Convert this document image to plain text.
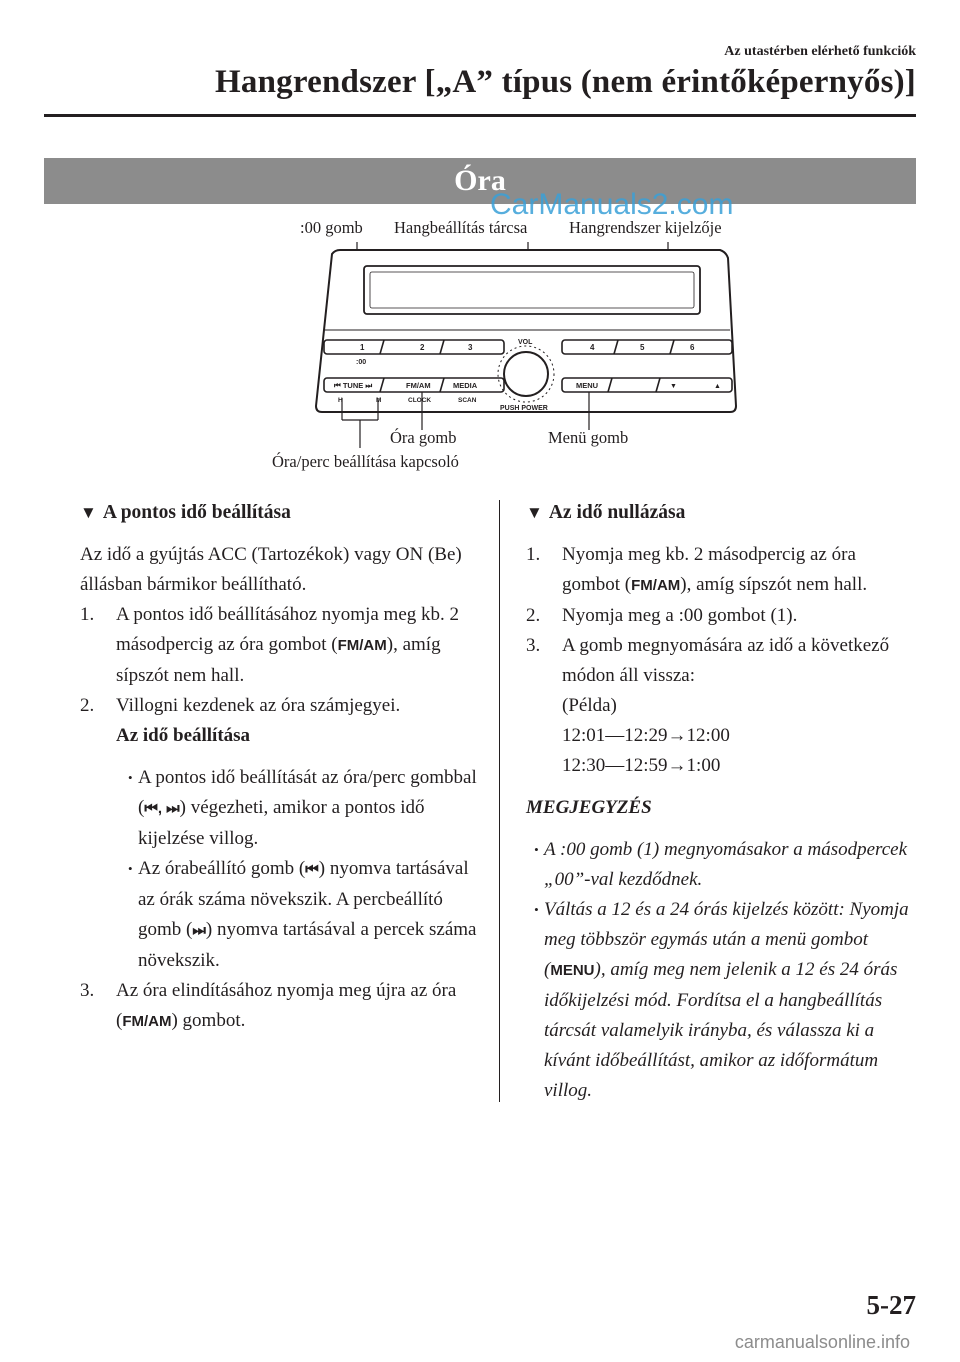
Az utastérben elérhető funkciók
Hangrendszer [„A” típus (nem érintőképernyős)]
Óra
CarManuals2.com
:00 gomb Hangbeállítás tárcsa	Hangrendszer kijelzője
1	2	3	4	5	6
:00
VOL
⏮ TUNE ⏭	FM/AM	MEDIA	MENU	▼	▲
H	M	CLOCK	SCAN
PUSH POWER
Óra gomb	Menü gomb
Óra/perc beállítása kapcsoló
▼ A pontos idő beállítása

Az idő a gyújtás ACC (Tartozékok) vagy ON (Be) állásban bármikor beállítható.

1.	A pontos idő beállításához nyomja meg kb. 2 másodpercig az óra gombot (FM/AM), amíg sípszót nem hall.
2.	Villogni kezdenek az óra számjegyei.
Az idő beállítása
• A pontos idő beállítását az óra/perc gombbal (⏮, ⏭) végezheti, amikor a pontos idő kijelzése villog.
• Az órabeállító gomb (⏮) nyomva tartásával az órák száma növekszik. A percbeállító gomb (⏭) nyomva tartásával a percek száma növekszik.
3.	Az óra elindításához nyomja meg újra az óra (FM/AM) gombot.
▼ Az idő nullázása
1.	Nyomja meg kb. 2 másodpercig az óra gombot (FM/AM), amíg sípszót nem hall.
2.	Nyomja meg a :00 gombot (1).
3.	A gomb megnyomására az idő a következő módon áll vissza:
(Példa)
12:01―12:29→12:00
12:30―12:59→1:00
MEGJEGYZÉS
• A :00 gomb (1) megnyomásakor a másodpercek „00”-val kezdődnek.
• Váltás a 12 és a 24 órás kijelzés között: Nyomja meg többször egymás után a menü gombot (MENU), amíg meg nem jelenik a 12 és 24 órás időkijelzési mód. Fordítsa el a hangbeállítás tárcsát valamelyik irányba, és válassza ki a kívánt időbeállítást, amikor az időformátum villog.
5-27
carmanualsonline.info
